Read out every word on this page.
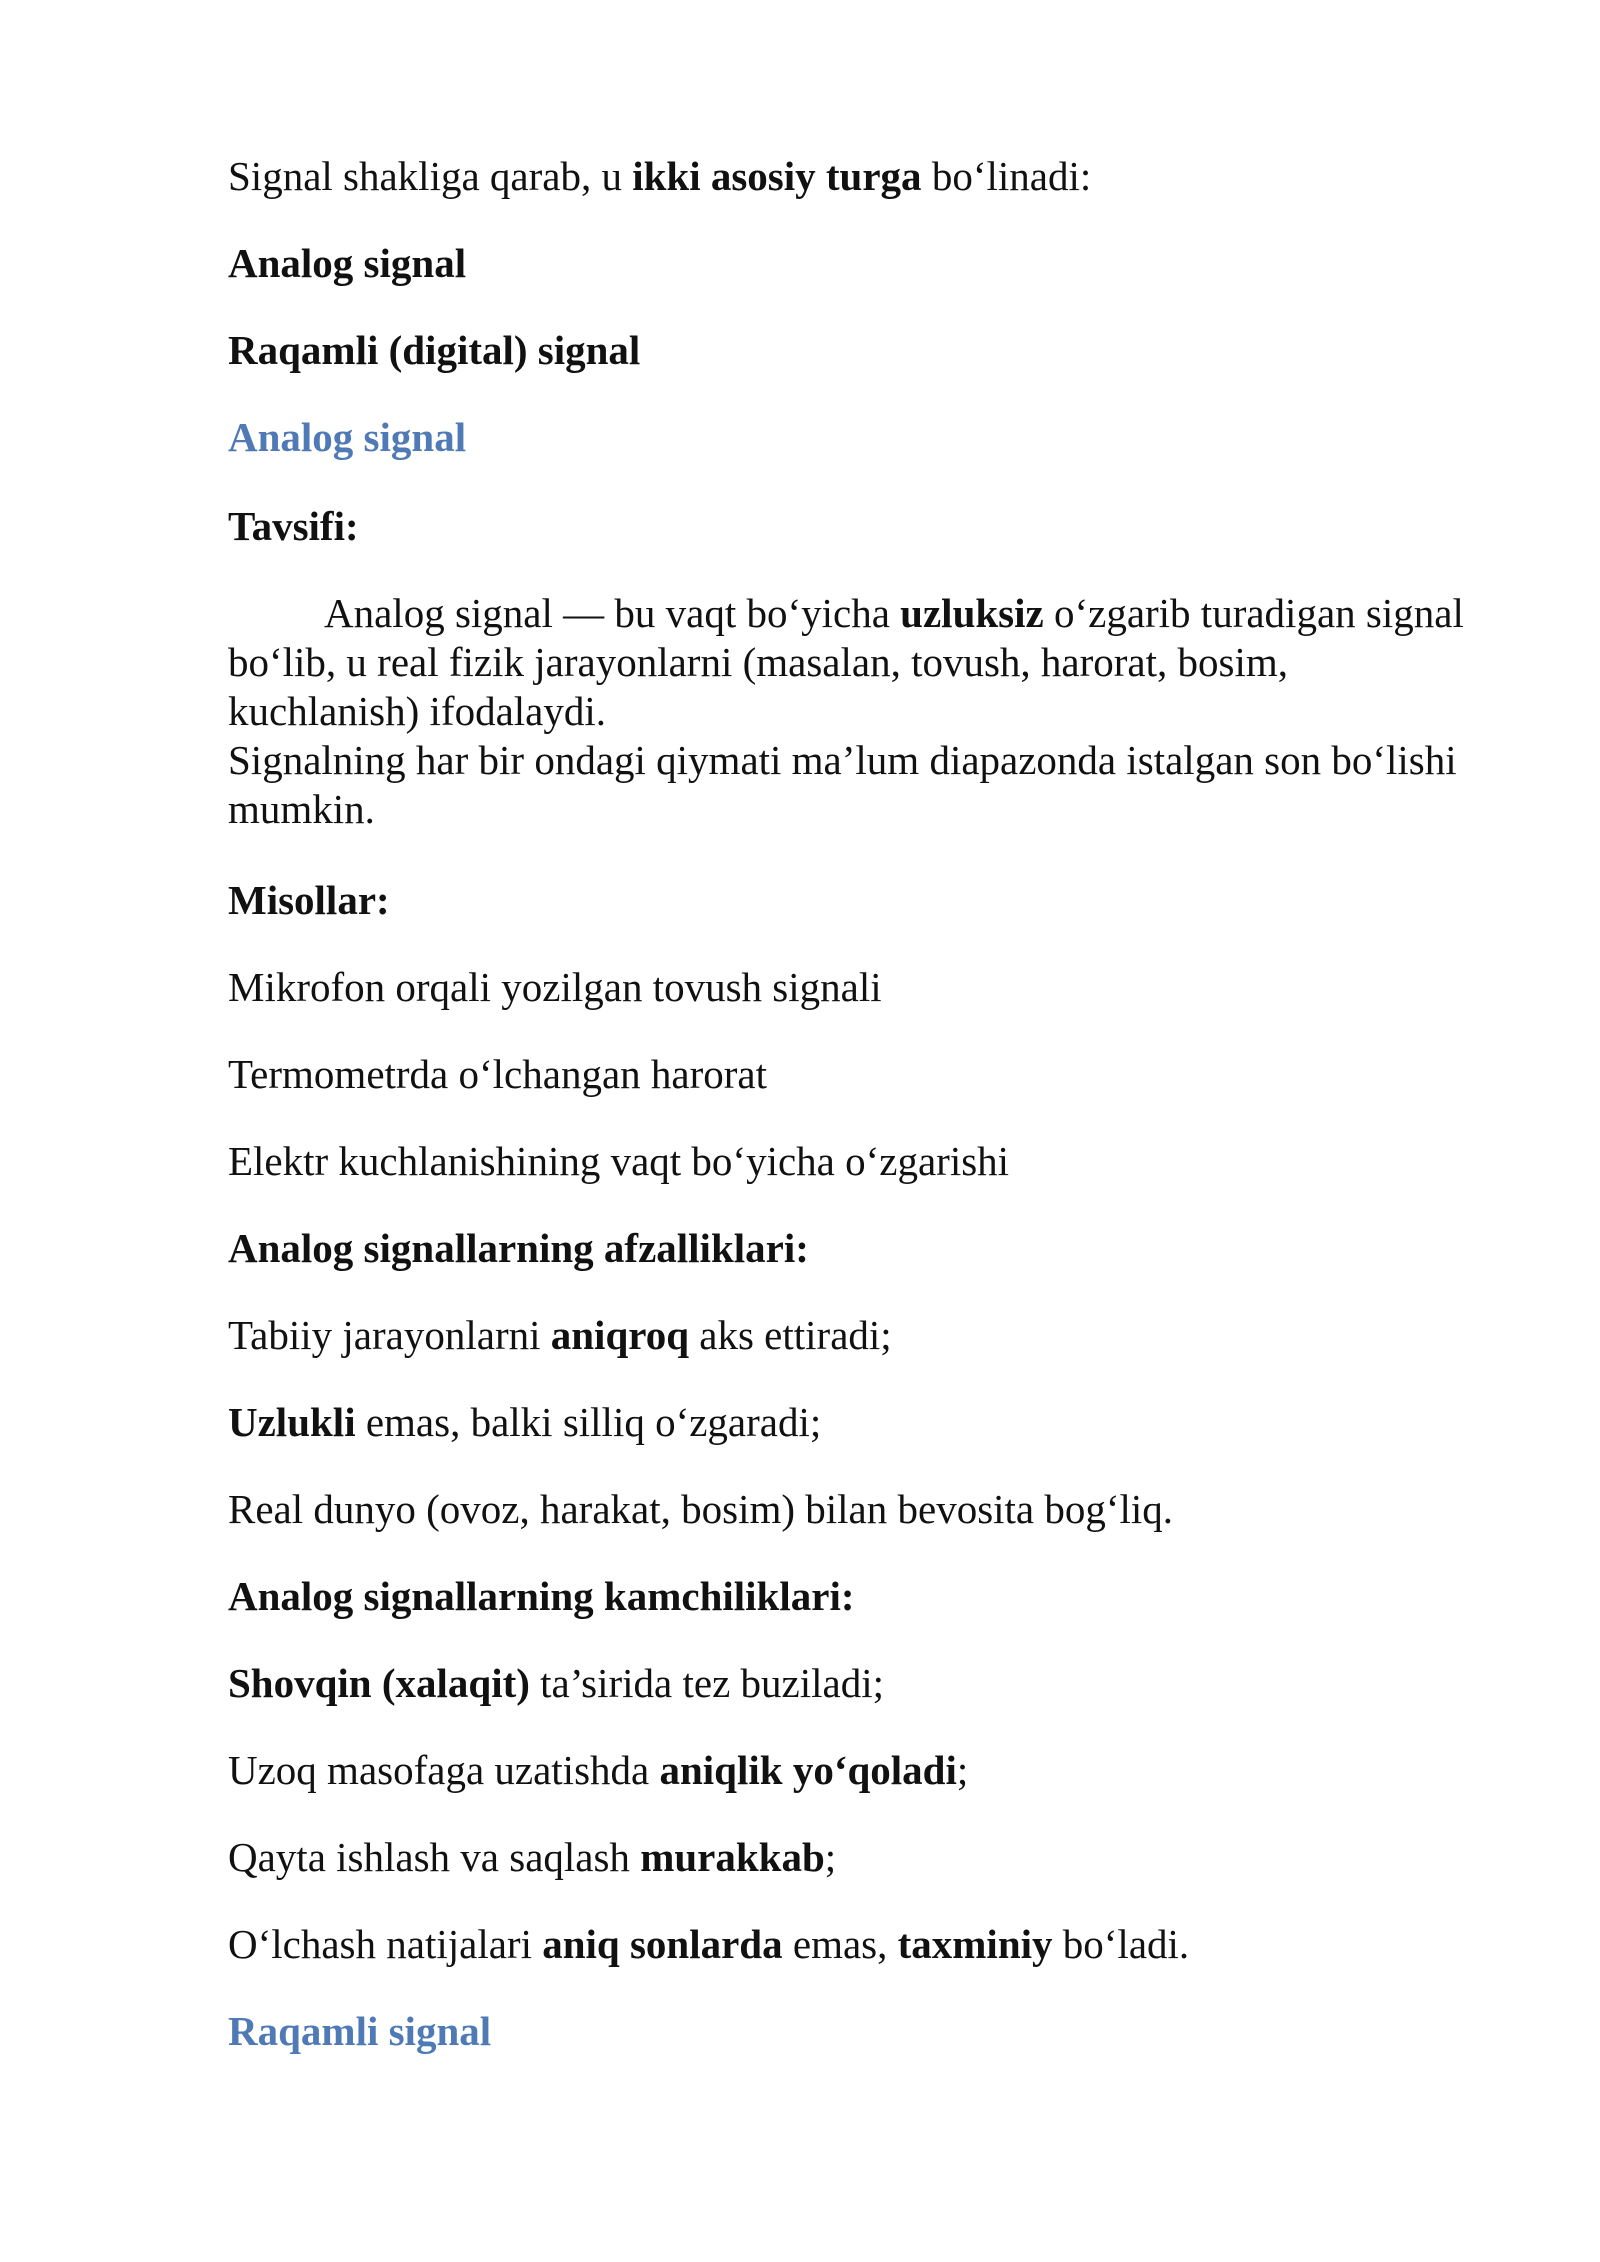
Signal shakliga qarab, u ikki asosiy turga bo‘linadi:
Analog signal
Raqamli (digital) signal
Analog signal
Tavsifi:
Analog signal — bu vaqt bo‘yicha uzluksiz o‘zgarib turadigan signal bo‘lib, u real fizik jarayonlarni (masalan, tovush, harorat, bosim, kuchlanish) ifodalaydi.
Signalning har bir ondagi qiymati ma’lum diapazonda istalgan son bo‘lishi mumkin.
Misollar:
Mikrofon orqali yozilgan tovush signali
Termometrda o‘lchangan harorat
Elektr kuchlanishining vaqt bo‘yicha o‘zgarishi
Analog signallarning afzalliklari:
Tabiiy jarayonlarni aniqroq aks ettiradi;
Uzlukli emas, balki silliq o‘zgaradi;
Real dunyo (ovoz, harakat, bosim) bilan bevosita bog‘liq.
Analog signallarning kamchiliklari:
Shovqin (xalaqit) ta’sirida tez buziladi;
Uzoq masofaga uzatishda aniqlik yo‘qoladi;
Qayta ishlash va saqlash murakkab;
O‘lchash natijalari aniq sonlarda emas, taxminiy bo‘ladi.
Raqamli signal
